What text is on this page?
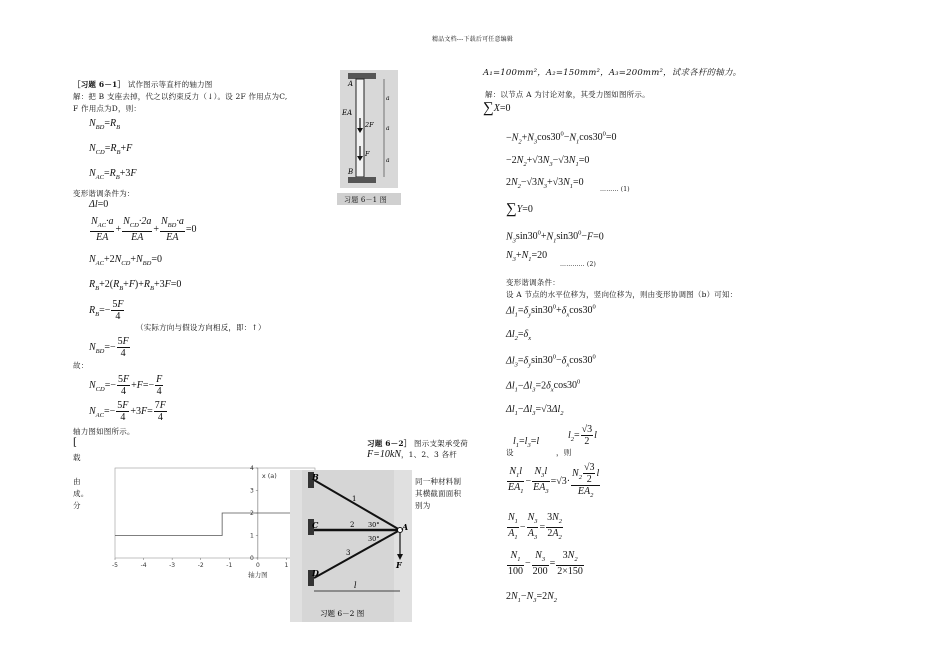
精品文档---下载后可任意编辑
［习题 6－1］ 试作图示等直杆的轴力图
解：把 B 支座去掉，代之以约束反力（↓）。设 2F 作用点为C,
F 作用点为D，则：
$N_{BD}=R_B$
$N_{CD}=R_B+F$
$N_{AC}=R_B+3F$
变形谐调条件为：
Δl=0
$\frac{N_{AC}\cdot a}{EA} + \frac{N_{CD}\cdot 2a}{EA} + \frac{N_{BD}\cdot a}{EA} =0$
$N_{AC}+2N_{CD}+N_{BD}=0$
$R_B+2(R_B+F)+R_B+3F=0$
$R_B=- \frac{5F}{4}$
（实际方向与假设方向相反，即：↑）
$N_{BD}=- \frac{5F}{4}$
故：
$N_{CD}=- \frac{5F}{4} +F=- \frac{F}{4}$
$N_{AC}=- \frac{5F}{4} +3F= \frac{7F}{4}$
轴力图如图所示。
[
载
由
成。
分
-5	-4	-3	-2	-1	0	1
0
1
2
3
4
x (a)
轴力图
A
EA
2F
F
B
a
a
a
习题 6－1 图
习题 6－2］ 图示支架承受荷
F=10kN，1、2、3 各杆
同一种材料制
其横截面面积
别为
B
1
C	2 30°
30°
A
3
D
F
l
习题 6－2 图
A₁=100mm²，A₂=150mm²，A₃=200mm²，试求各杆的轴力。
解：以节点 A 为讨论对象，其受力图如图所示。
∑X=0
$-N_2+N_3\cos 30^0-N_1\cos 30^0=0$
$-2N_2+√3N_3-√3N_1=0$
$2N_2-√3N_3+√3N_1=0$
……… (1)
∑Y=0
$N_3\sin 30^0+N_1\sin 30^0-F=0$
$N_3+N_1=20$
………… (2)
变形谐调条件：
设 A 节点的水平位移为，竖向位移为，则由变形协调图（b）可知：
$\Delta l_1=\delta_y\sin 30^0+\delta_x\cos 30^0$
$\Delta l_2=\delta_x$
$\Delta l_3=\delta_y\sin 30^0-\delta_x\cos 30^0$
$\Delta l_1-\Delta l_3=2\delta_x\cos 30^0$
$\Delta l_1-\Delta l_3=√3\Delta l_2$
设
$l_1=l_3=l$
，则
$l_2= \frac{√3}{2}$ l
$\frac{N_1l}{EA_1} - \frac{N_3l}{EA_3} =√3\cdot \frac{N_2 \frac{√3}{2} l}{EA_2}$
$\frac{N_1}{A_1} - \frac{N_3}{A_3} = \frac{3N_2}{2A_2}$
$\frac{N_1}{100} - \frac{N_3}{200} = \frac{3N_2}{2\times 150}$
$2N_1-N_3=2N_2$
